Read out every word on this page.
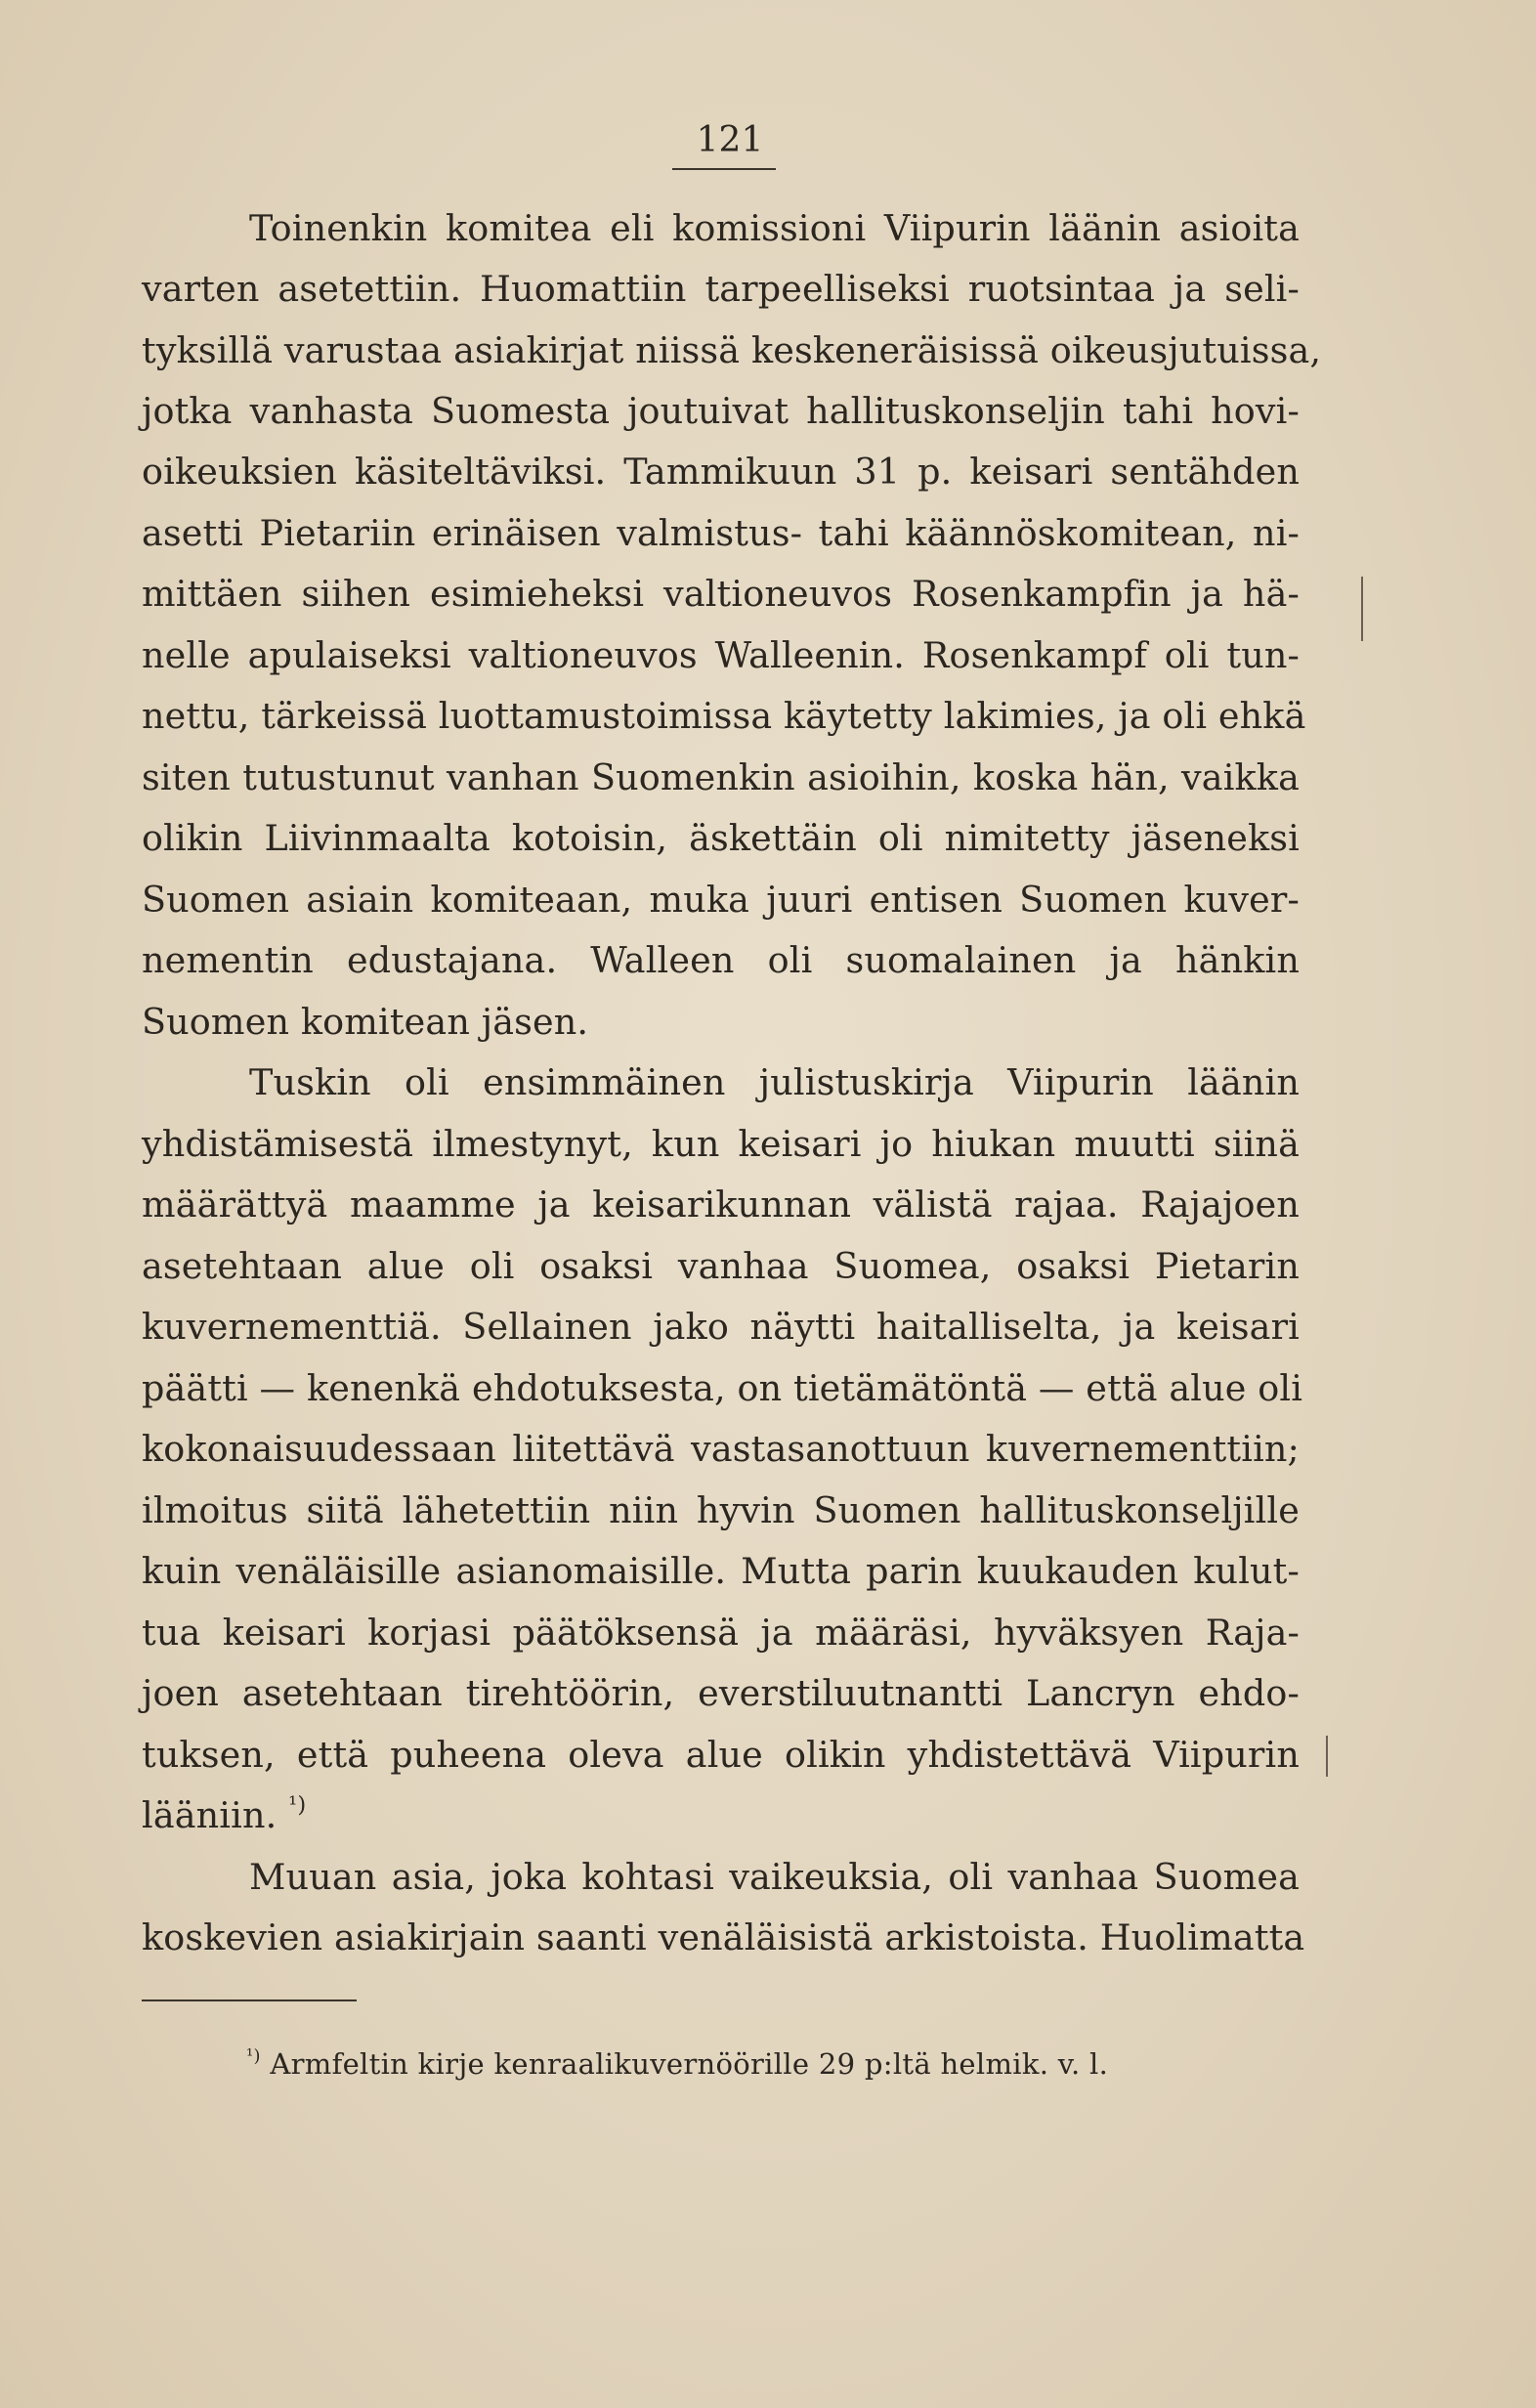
121
Toinenkin komitea eli komissioni Viipurin läänin asioita
varten asetettiin. Huomattiin tarpeelliseksi ruotsintaa ja seli-
tyksillä varustaa asiakirjat niissä keskeneräisissä oikeusjutuissa,
jotka vanhasta Suomesta joutuivat hallituskonseljin tahi hovi-
oikeuksien käsiteltäviksi. Tammikuun 31 p. keisari sentähden
asetti Pietariin erinäisen valmistus- tahi käännöskomitean, ni-
mittäen siihen esimieheksi valtioneuvos Rosenkampfin ja hä-
nelle apulaiseksi valtioneuvos Walleenin. Rosenkampf oli tun-
nettu, tärkeissä luottamustoimissa käytetty lakimies, ja oli ehkä
siten tutustunut vanhan Suomenkin asioihin, koska hän, vaikka
olikin Liivinmaalta kotoisin, äskettäin oli nimitetty jäseneksi
Suomen asiain komiteaan, muka juuri entisen Suomen kuver-
nementin edustajana. Walleen oli suomalainen ja hänkin
Suomen komitean jäsen.
Tuskin oli ensimmäinen julistuskirja Viipurin läänin
yhdistämisestä ilmestynyt, kun keisari jo hiukan muutti siinä
määrättyä maamme ja keisarikunnan välistä rajaa. Rajajoen
asetehtaan alue oli osaksi vanhaa Suomea, osaksi Pietarin
kuvernementtiä. Sellainen jako näytti haitalliselta, ja keisari
päätti — kenenkä ehdotuksesta, on tietämätöntä — että alue oli
kokonaisuudessaan liitettävä vastasanottuun kuvernementtiin;
ilmoitus siitä lähetettiin niin hyvin Suomen hallituskonseljille
kuin venäläisille asianomaisille. Mutta parin kuukauden kulut-
tua keisari korjasi päätöksensä ja määräsi, hyväksyen Raja-
joen asetehtaan tirehtöörin, everstiluutnantti Lancryn ehdo-
tuksen, että puheena oleva alue olikin yhdistettävä Viipurin
lääniin. $^{^1)}$
Muuan asia, joka kohtasi vaikeuksia, oli vanhaa Suomea
koskevien asiakirjain saanti venäläisistä arkistoista. Huolimatta
$^{^1)}$ Armfeltin kirje kenraalikuvernöörille 29 p:ltä helmik. v. l.
